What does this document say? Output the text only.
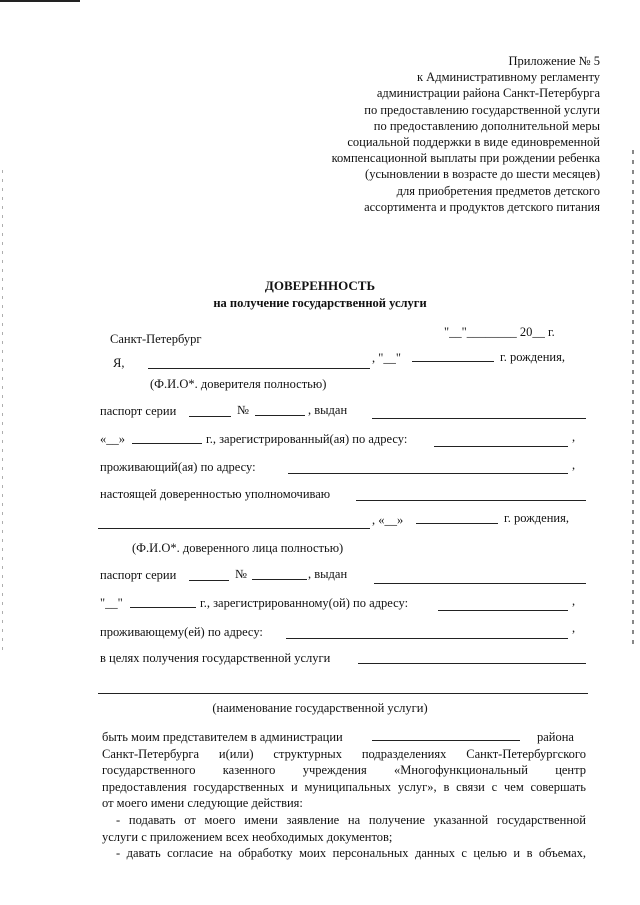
Приложение № 5
к Административному регламенту
администрации района Санкт-Петербурга
по предоставлению государственной услуги
по предоставлению дополнительной меры
социальной поддержки в виде единовременной
компенсационной выплаты при рождении ребенка
(усыновлении в возрасте до шести месяцев)
для приобретения предметов детского
ассортимента и продуктов детского питания
ДОВЕРЕННОСТЬ
на получение государственной услуги
Санкт-Петербург	"__"________ 20__ г.
Я,	, "__"	г. рождения,
(Ф.И.О*. доверителя полностью)
паспорт серии	№	, выдан
«__»	г., зарегистрированный(ая) по адресу:	,
проживающий(ая) по адресу:	,
настоящей доверенностью уполномочиваю
, «__»	г. рождения,
(Ф.И.О*. доверенного лица полностью)
паспорт серии	№	, выдан
"__"	г., зарегистрированному(ой) по адресу:	,
проживающему(ей) по адресу:	,
в целях получения государственной услуги
(наименование государственной услуги)
быть моим представителем в администрации	района
Санкт-Петербурга и(или) структурных подразделениях Санкт-Петербургского
государственного казенного учреждения «Многофункциональный центр
предоставления государственных и муниципальных услуг», в связи с чем совершать
от моего имени следующие действия:
- подавать от моего имени заявление на получение указанной государственной
услуги с приложением всех необходимых документов;
- давать согласие на обработку моих персональных данных с целью и в объемах,
